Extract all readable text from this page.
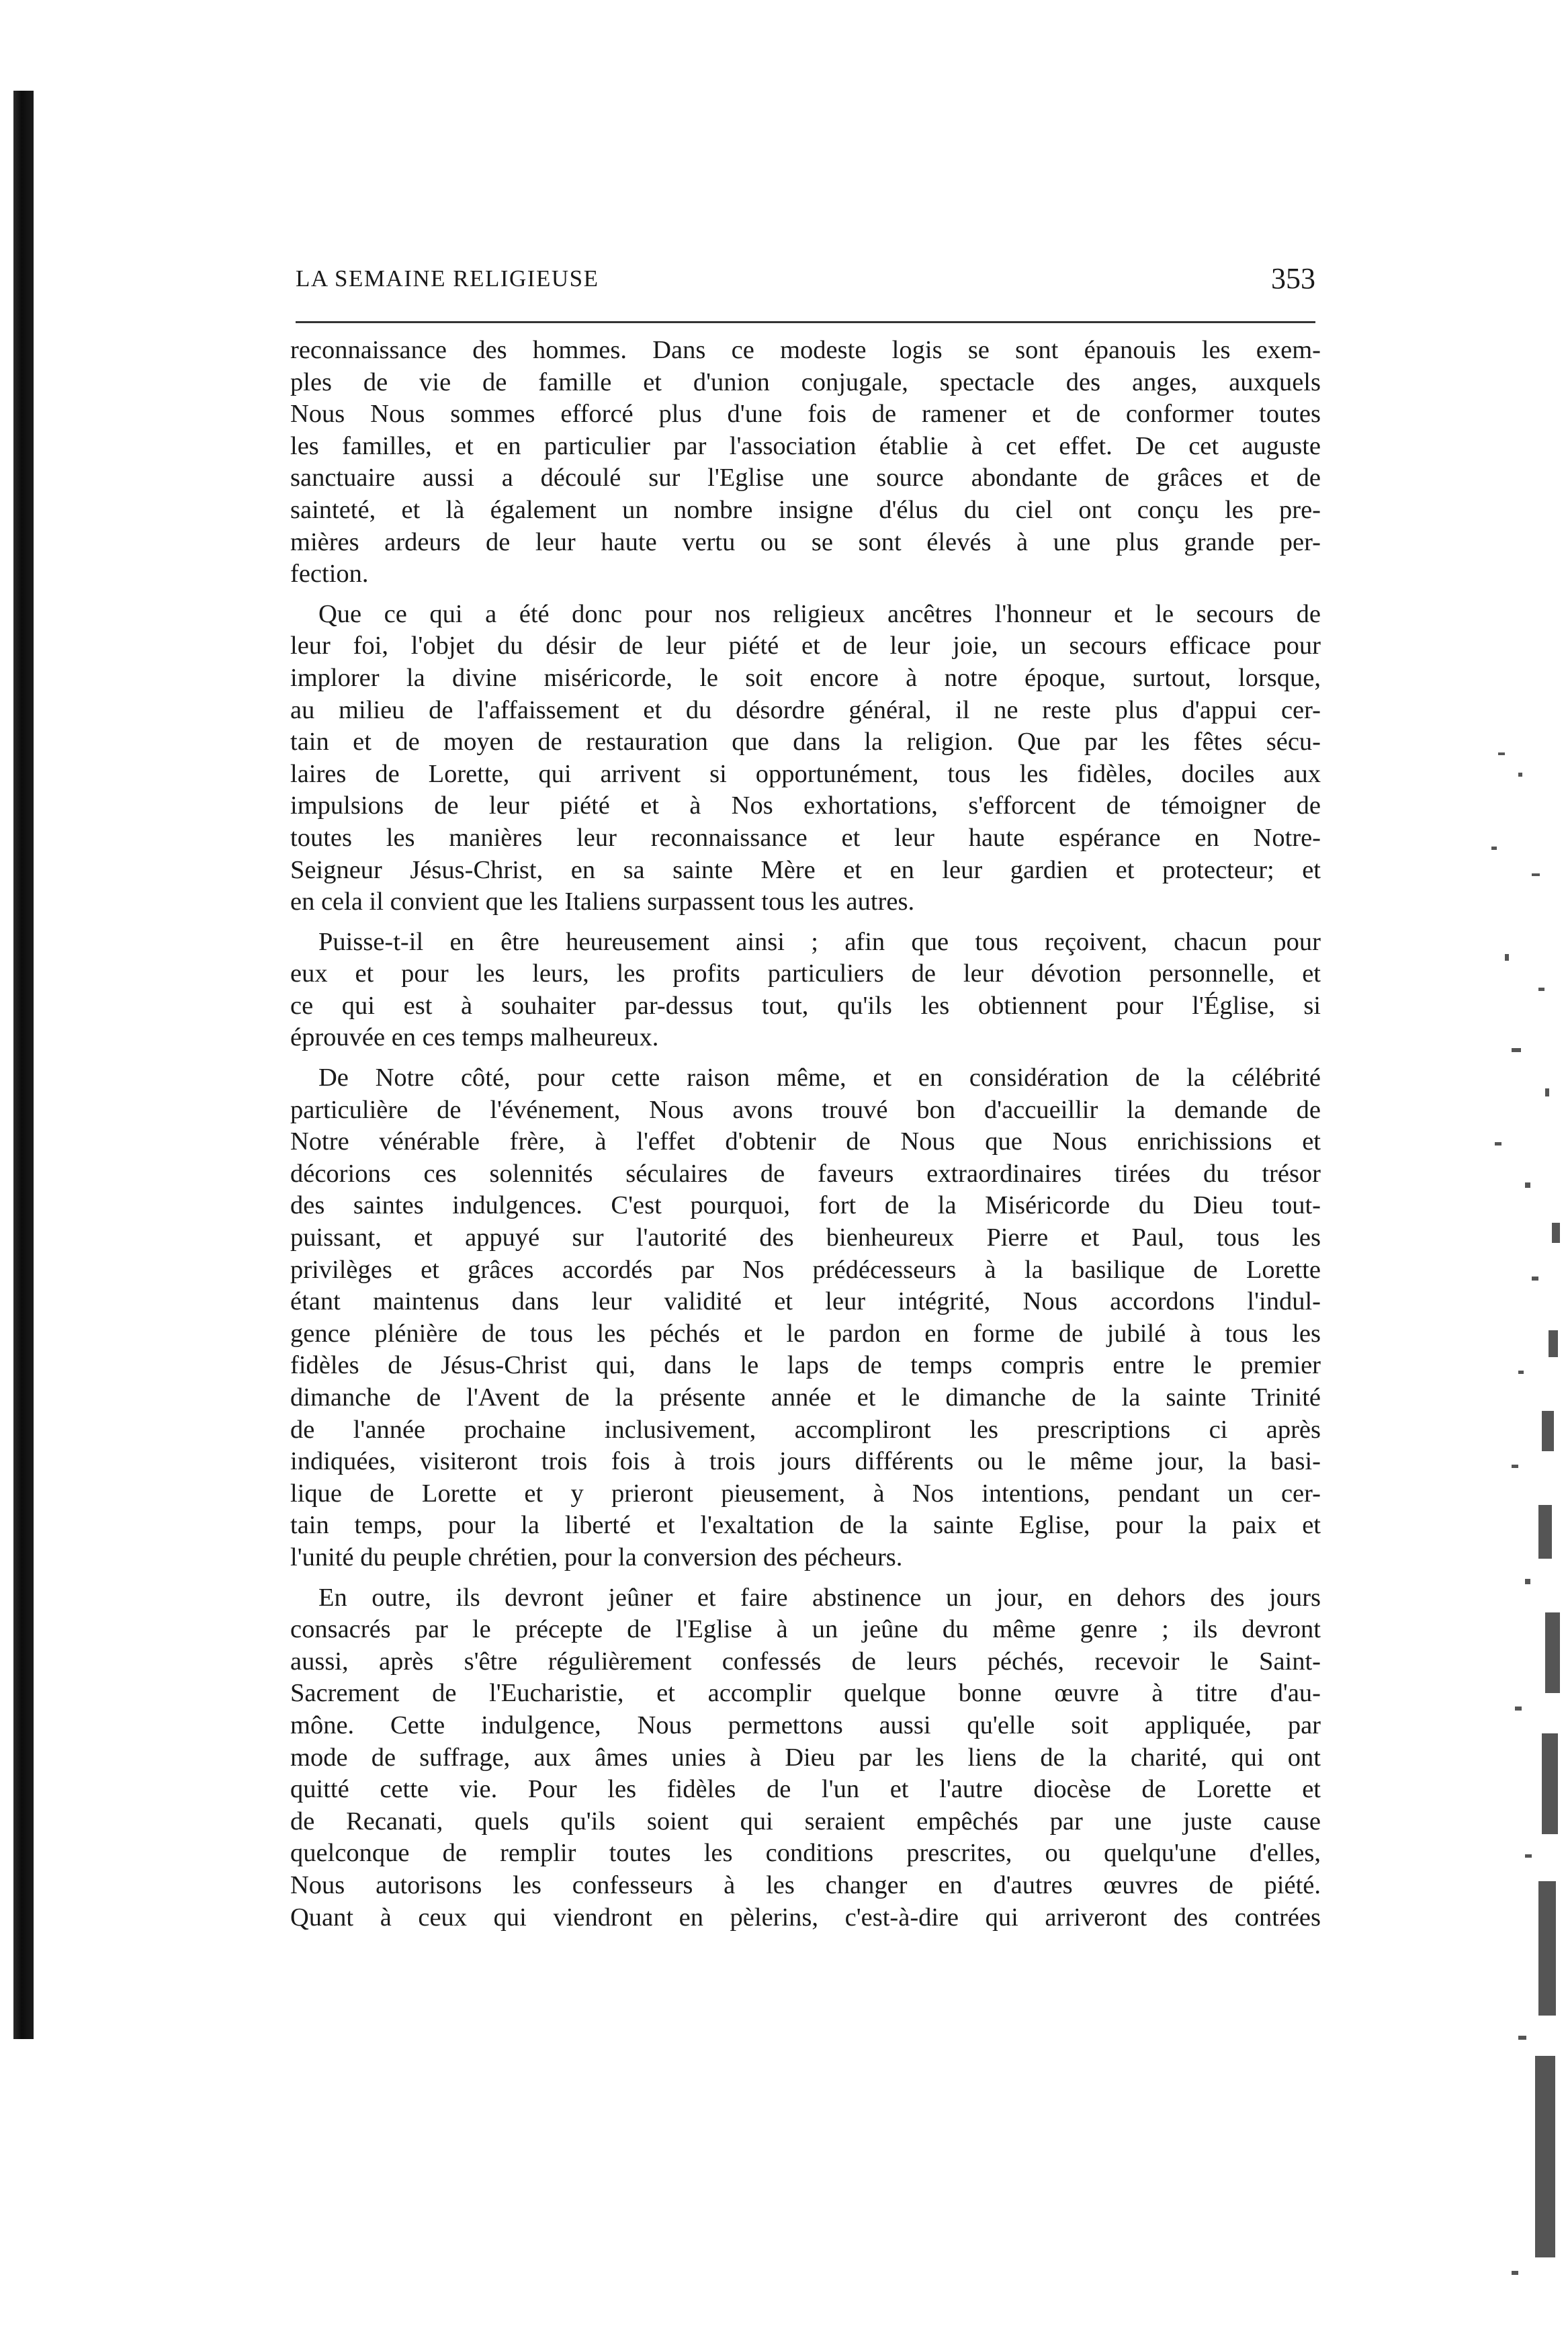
LA SEMAINE RELIGIEUSE	353
reconnaissance des hommes. Dans ce modeste logis se sont épanouis les exem-
ples de vie de famille et d'union conjugale, spectacle des anges, auxquels
Nous Nous sommes efforcé plus d'une fois de ramener et de conformer toutes
les familles, et en particulier par l'association établie à cet effet. De cet auguste
sanctuaire aussi a découlé sur l'Eglise une source abondante de grâces et de
sainteté, et là également un nombre insigne d'élus du ciel ont conçu les pre-
mières ardeurs de leur haute vertu ou se sont élevés à une plus grande per-
fection.
Que ce qui a été donc pour nos religieux ancêtres l'honneur et le secours de
leur foi, l'objet du désir de leur piété et de leur joie, un secours efficace pour
implorer la divine miséricorde, le soit encore à notre époque, surtout, lorsque,
au milieu de l'affaissement et du désordre général, il ne reste plus d'appui cer-
tain et de moyen de restauration que dans la religion. Que par les fêtes sécu-
laires de Lorette, qui arrivent si opportunément, tous les fidèles, dociles aux
impulsions de leur piété et à Nos exhortations, s'efforcent de témoigner de
toutes les manières leur reconnaissance et leur haute espérance en Notre-
Seigneur Jésus-Christ, en sa sainte Mère et en leur gardien et protecteur; et
en cela il convient que les Italiens surpassent tous les autres.
Puisse-t-il en être heureusement ainsi ; afin que tous reçoivent, chacun pour
eux et pour les leurs, les profits particuliers de leur dévotion personnelle, et
ce qui est à souhaiter par-dessus tout, qu'ils les obtiennent pour l'Église, si
éprouvée en ces temps malheureux.
De Notre côté, pour cette raison même, et en considération de la célébrité
particulière de l'événement, Nous avons trouvé bon d'accueillir la demande de
Notre vénérable frère, à l'effet d'obtenir de Nous que Nous enrichissions et
décorions ces solennités séculaires de faveurs extraordinaires tirées du trésor
des saintes indulgences. C'est pourquoi, fort de la Miséricorde du Dieu tout-
puissant, et appuyé sur l'autorité des bienheureux Pierre et Paul, tous les
privilèges et grâces accordés par Nos prédécesseurs à la basilique de Lorette
étant maintenus dans leur validité et leur intégrité, Nous accordons l'indul-
gence plénière de tous les péchés et le pardon en forme de jubilé à tous les
fidèles de Jésus-Christ qui, dans le laps de temps compris entre le premier
dimanche de l'Avent de la présente année et le dimanche de la sainte Trinité
de l'année prochaine inclusivement, accompliront les prescriptions ci après
indiquées, visiteront trois fois à trois jours différents ou le même jour, la basi-
lique de Lorette et y prieront pieusement, à Nos intentions, pendant un cer-
tain temps, pour la liberté et l'exaltation de la sainte Eglise, pour la paix et
l'unité du peuple chrétien, pour la conversion des pécheurs.
En outre, ils devront jeûner et faire abstinence un jour, en dehors des jours
consacrés par le précepte de l'Eglise à un jeûne du même genre ; ils devront
aussi, après s'être régulièrement confessés de leurs péchés, recevoir le Saint-
Sacrement de l'Eucharistie, et accomplir quelque bonne œuvre à titre d'au-
mône. Cette indulgence, Nous permettons aussi qu'elle soit appliquée, par
mode de suffrage, aux âmes unies à Dieu par les liens de la charité, qui ont
quitté cette vie. Pour les fidèles de l'un et l'autre diocèse de Lorette et
de Recanati, quels qu'ils soient qui seraient empêchés par une juste cause
quelconque de remplir toutes les conditions prescrites, ou quelqu'une d'elles,
Nous autorisons les confesseurs à les changer en d'autres œuvres de piété.
Quant à ceux qui viendront en pèlerins, c'est-à-dire qui arriveront des contrées
